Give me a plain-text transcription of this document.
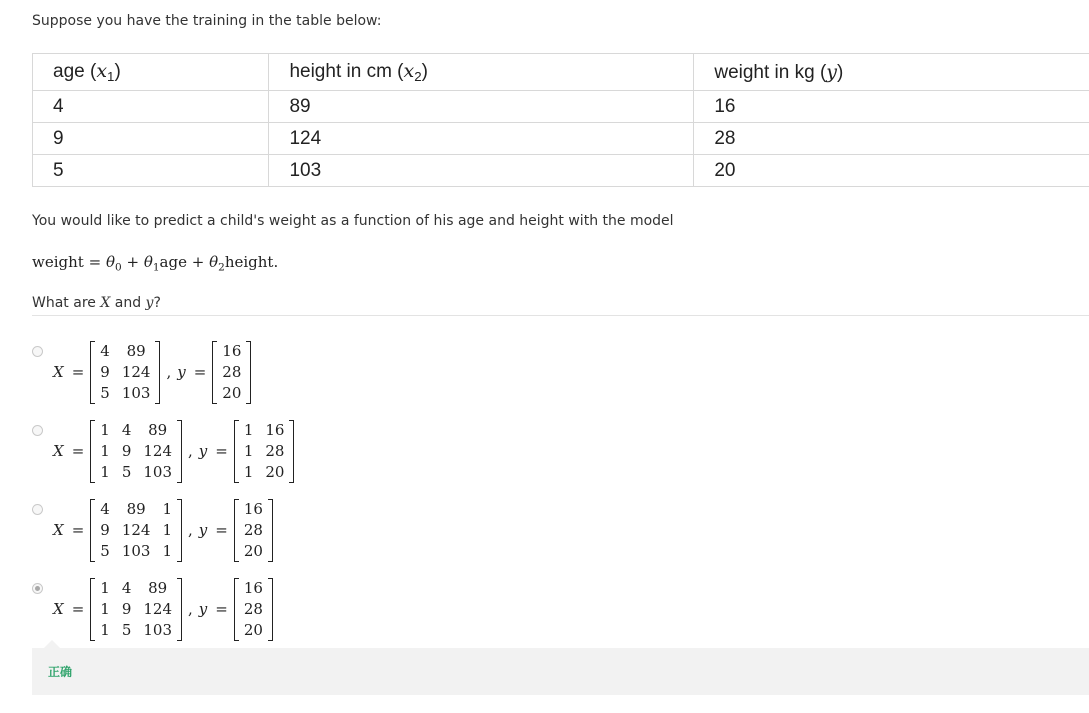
Suppose you have the training in the table below:
age $(x_1)$	height in cm $(x_2)$	weight in kg (y)
4	89	16
9	124	28
5	103	20
You would like to predict a child's weight as a function of his age and height with the model
weight = $\theta_0 + \theta_1age$ + $\theta_2height$.
What are X and y?
X =
4	89
9 124
5 103
, y =
16
28
20
X =
1 4	89
1 9 124
1 5 103
, y =
1 16
1 28
1 20
X =
4	89	1
9 124 1
5 103 1
, y =
16
28
20
X =
1 4	89
1 9 124
1 5 103
, y =
16
28
20
正确
